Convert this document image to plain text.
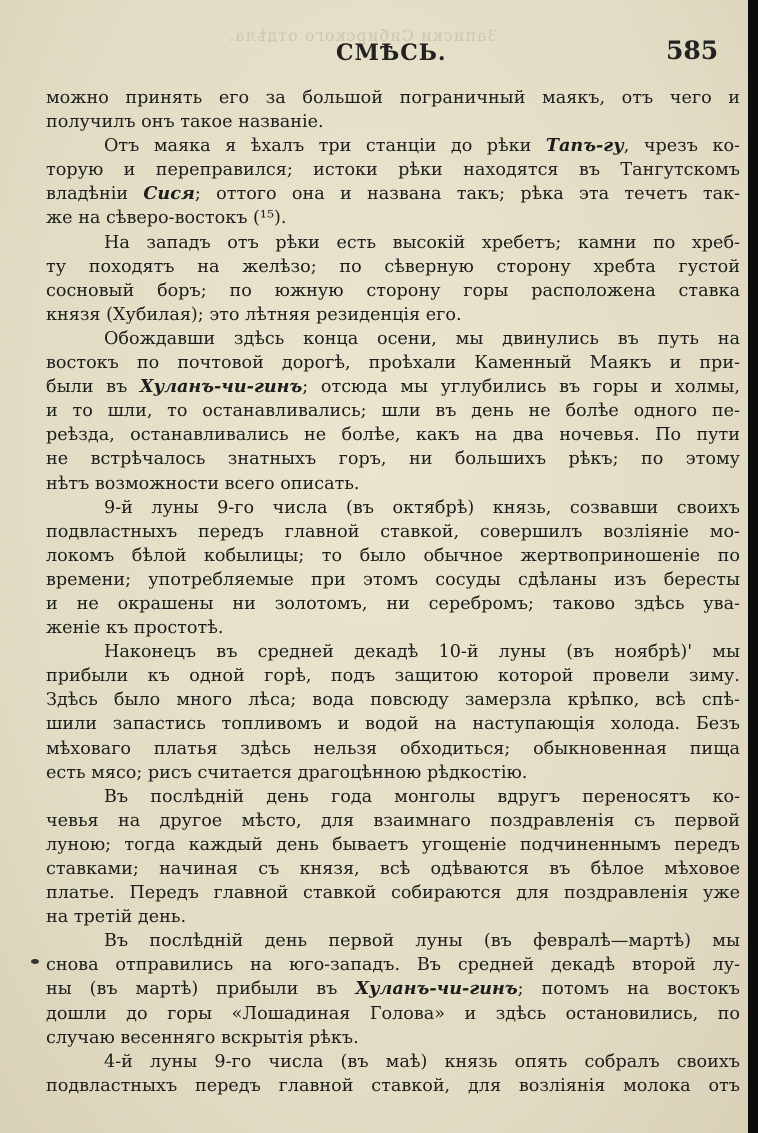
Записки Сибирского отдѣла.
СМѢСЬ.	585
можно принять его за большой пограничный маякъ, отъ чего и
получилъ онъ такое названіе.
Отъ маяка я ѣхалъ три станціи до рѣки Тапъ-гу, чрезъ ко-
торую и переправился; истоки рѣки находятся въ Тангутскомъ
владѣніи Сися; оттого она и названа такъ; рѣка эта течетъ так-
же на сѣверо-востокъ (¹⁵).
На западъ отъ рѣки есть высокій хребетъ; камни по хреб-
ту походятъ на желѣзо; по сѣверную сторону хребта густой
сосновый боръ; по южную сторону горы расположена ставка
князя (Хубилая); это лѣтняя резиденція его.
Обождавши здѣсь конца осени, мы двинулись въ путь на
востокъ по почтовой дорогѣ, проѣхали Каменный Маякъ и при-
были въ Хуланъ-чи-гинъ; отсюда мы углубились въ горы и холмы,
и то шли, то останавливались; шли въ день не болѣе одного пе-
реѣзда, останавливались не болѣе, какъ на два ночевья. По пути
не встрѣчалось знатныхъ горъ, ни большихъ рѣкъ; по этому
нѣтъ возможности всего описать.
9-й луны 9-го числа (въ октябрѣ) князь, созвавши своихъ
подвластныхъ передъ главной ставкой, совершилъ возліяніе мо-
локомъ бѣлой кобылицы; то было обычное жертвоприношеніе по
времени; употребляемые при этомъ сосуды сдѣланы изъ бересты
и не окрашены ни золотомъ, ни серебромъ; таково здѣсь ува-
женіе къ простотѣ.
Наконецъ въ средней декадѣ 10-й луны (въ ноябрѣ)' мы
прибыли къ одной горѣ, подъ защитою которой провели зиму.
Здѣсь было много лѣса; вода повсюду замерзла крѣпко, всѣ спѣ-
шили запастись топливомъ и водой на наступающія холода. Безъ
мѣховаго платья здѣсь нельзя обходиться; обыкновенная пища
есть мясо; рисъ считается драгоцѣнною рѣдкостію.
Въ послѣдній день года монголы вдругъ переносятъ ко-
чевья на другое мѣсто, для взаимнаго поздравленія съ первой
луною; тогда каждый день бываетъ угощеніе подчиненнымъ передъ
ставками; начиная съ князя, всѣ одѣваются въ бѣлое мѣховое
платье. Передъ главной ставкой собираются для поздравленія уже
на третій день.
Въ послѣдній день первой луны (въ февралѣ—мартѣ) мы
снова отправились на юго-западъ. Въ средней декадѣ второй лу-
ны (въ мартѣ) прибыли въ Хуланъ-чи-гинъ; потомъ на востокъ
дошли до горы «Лошадиная Голова» и здѣсь остановились, по
случаю весенняго вскрытія рѣкъ.
4-й луны 9-го числа (въ маѣ) князь опять собралъ своихъ
подвластныхъ передъ главной ставкой, для возліянія молока отъ
